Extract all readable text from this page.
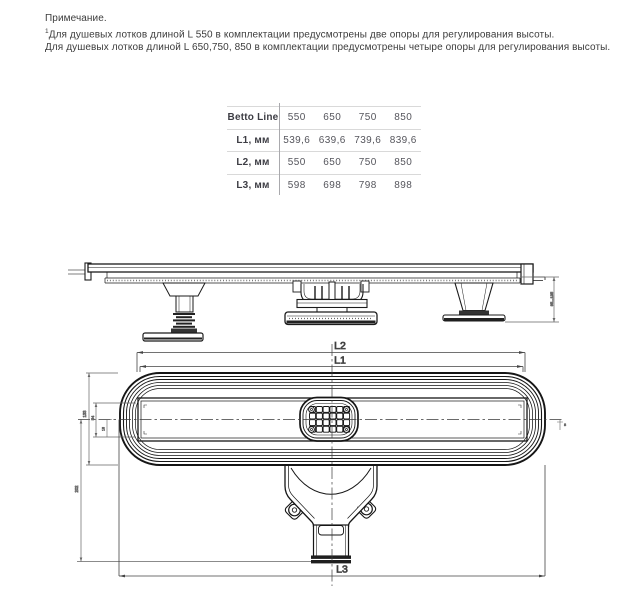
Примечание.
$^1$Для душевых лотков длиной L 550 в комплектации предусмотрены две опоры для регулирования высоты.
Для душевых лотков длиной L 650,750, 850 в комплектации предусмотрены четыре опоры для регулирования высоты.
Betto Line 550	650	750	850
L1, мм	539,6 639,6 739,6 839,6
L2, мм	550	650	750	850
L3, мм	598	698	798	898
95...135
202
8
133
54
18
L2
L1
L3
